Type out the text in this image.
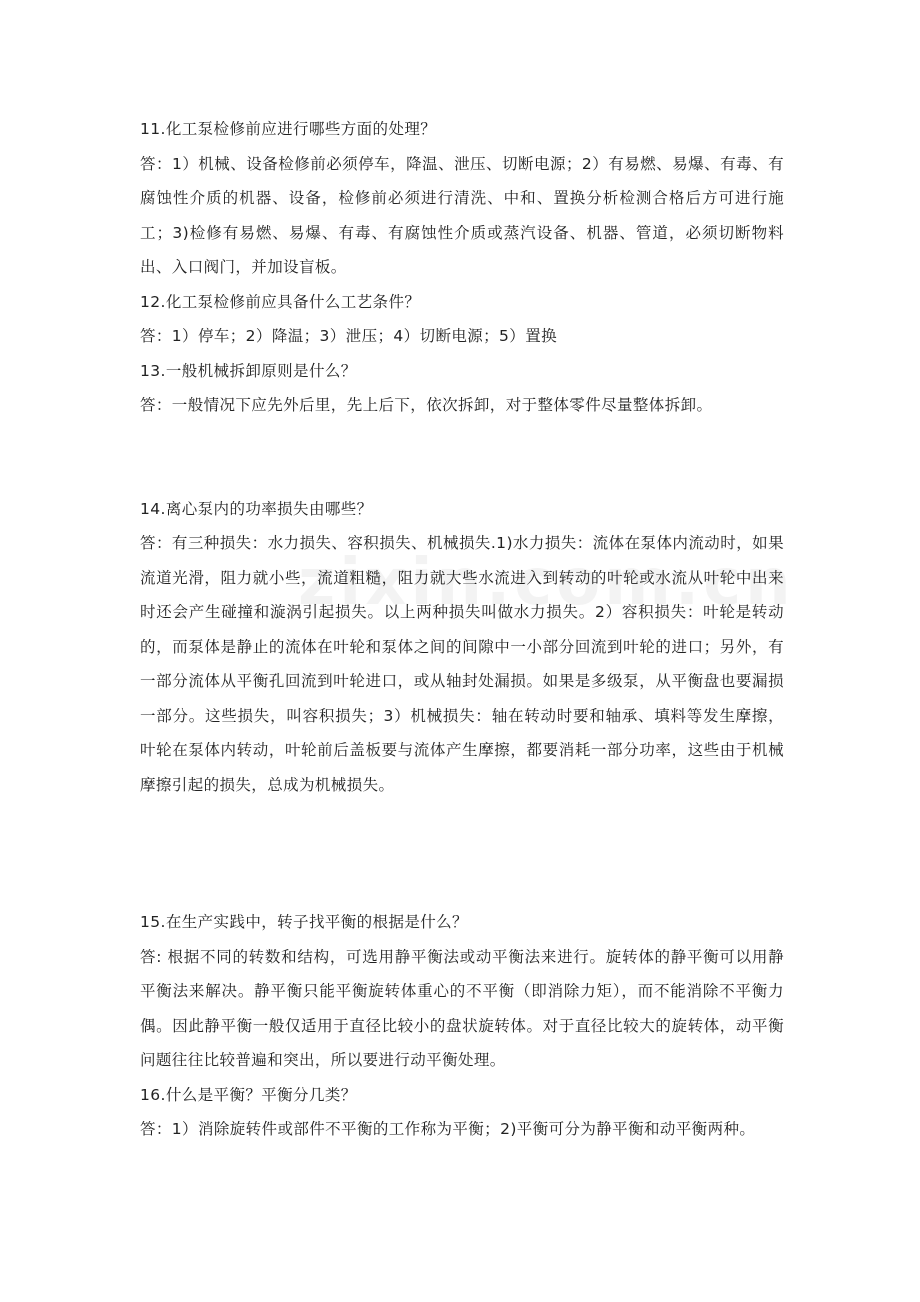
11.化工泵检修前应进行哪些方面的处理？

答：1）机械、设备检修前必须停车，降温、泄压、切断电源；2）有易燃、易爆、有毒、有腐蚀性介质的机器、设备，检修前必须进行清洗、中和、置换分析检测合格后方可进行施工；3)检修有易燃、易爆、有毒、有腐蚀性介质或蒸汽设备、机器、管道，必须切断物料出、入口阀门，并加设盲板。

12.化工泵检修前应具备什么工艺条件？

答：1）停车；2）降温；3）泄压；4）切断电源；5）置换

13.一般机械拆卸原则是什么？

答：一般情况下应先外后里，先上后下，依次拆卸，对于整体零件尽量整体拆卸。

14.离心泵内的功率损失由哪些？

答：有三种损失：水力损失、容积损失、机械损失.1)水力损失：流体在泵体内流动时，如果流道光滑，阻力就小些，流道粗糙，阻力就大些水流进入到转动的叶轮或水流从叶轮中出来时还会产生碰撞和漩涡引起损失。以上两种损失叫做水力损失。2）容积损失：叶轮是转动的，而泵体是静止的流体在叶轮和泵体之间的间隙中一小部分回流到叶轮的进口；另外，有一部分流体从平衡孔回流到叶轮进口，或从轴封处漏损。如果是多级泵，从平衡盘也要漏损一部分。这些损失，叫容积损失；3）机械损失：轴在转动时要和轴承、填料等发生摩擦，叶轮在泵体内转动，叶轮前后盖板要与流体产生摩擦，都要消耗一部分功率，这些由于机械摩擦引起的损失，总成为机械损失。

15.在生产实践中，转子找平衡的根据是什么？

答: 根据不同的转数和结构，可选用静平衡法或动平衡法来进行。旋转体的静平衡可以用静平衡法来解决。静平衡只能平衡旋转体重心的不平衡（即消除力矩），而不能消除不平衡力偶。因此静平衡一般仅适用于直径比较小的盘状旋转体。对于直径比较大的旋转体，动平衡问题往往比较普遍和突出，所以要进行动平衡处理。

16.什么是平衡？平衡分几类？

答：1）消除旋转件或部件不平衡的工作称为平衡；2)平衡可分为静平衡和动平衡两种。
